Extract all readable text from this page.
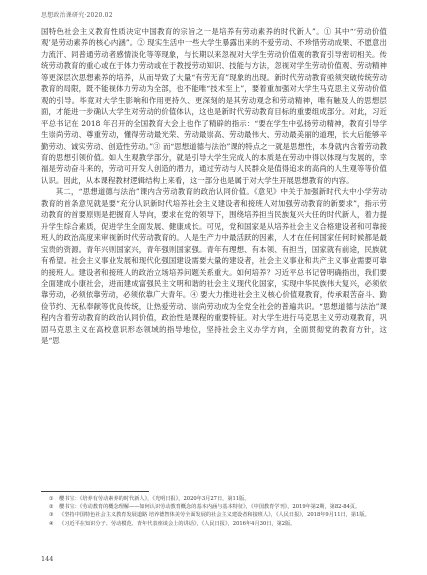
思想政治课研究·2020.02

国特色社会主义教育性质决定中国教育的宗旨之一是培养有劳动素养的时代新人”。① 其中“‘劳动价值观’是劳动素养的核心内涵”。② 现实生活中一些大学生暴露出来的不爱劳动、不珍惜劳动成果、不愿意出力流汗、同普通劳动者感情淡化等等现象，与长期以来忽视对大学生劳动价值观的教育引导密切相关。传统劳动教育的重心或在于体力劳动或在于教授劳动知识、技能与方法，忽视对学生劳动价值观、劳动精神等更深层次思想素养的培养，从而导致了大量“有劳无育”现象的出现。新时代劳动教育亟须突破传统劳动教育的局限，既不能视体力劳动为全部，也不能唯“技术至上”，要着重加强对大学生马克思主义劳动价值观的引导。毕竟对大学生影响和作用更持久、更深刻的是其劳动观念和劳动精神，唯有触及人的思想层面，才能进一步确认大学生对劳动的价值体认，这也是新时代劳动教育目标的重要组成部分。对此，习近平总书记在 2018 年召开的全国教育大会上也作了精辟的指示：“要在学生中弘扬劳动精神，教育引导学生崇尚劳动、尊重劳动，懂得劳动最光荣、劳动最崇高、劳动最伟大、劳动最美丽的道理，长大后能够辛勤劳动、诚实劳动、创造性劳动。”③ 而“思想道德与法治”课的特点之一就是思想性，本身就内含着劳动教育的思想引领价值。如人生观教学部分，就是引导大学生完成人的本质是在劳动中得以体现与发展的，幸福是劳动奋斗来的，劳动可开发人创造的潜力，通过劳动与人民群众是值得追求的高尚的人生观等等价值认识。因此，从本课程教材逻辑结构上来看，这一部分也是属于对大学生开展思想教育的内容。

其二，“思想道德与法治”课内含劳动教育的政治认同价值。《意见》中关于加强新时代大中小学劳动教育的首条意见就是要“充分认识新时代培养社会主义建设者和接班人对加强劳动教育的新要求”，指示劳动教育的首要原则是把握育人导向，要求在党的领导下，围绕培养担当民族复兴大任的时代新人，着力提升学生综合素质，促进学生全面发展、健康成长。可见，党和国家是从培养社会主义合格建设者和可靠接班人的政治高度来审视新时代劳动教育的。人是生产力中最活跃的因素，人才在任何国家任何时候都是最宝贵的资源。青年兴则国家兴，青年强则国家强。青年有理想、有本领、有担当，国家就有前途，民族就有希望。社会主义事业发展和现代化强国建设需要大量的建设者，社会主义事业和共产主义事业需要可靠的接班人。建设者和接班人的政治立场培养问题关系重大。如何培养？习近平总书记曾明确指出，我们要全面建成小康社会，进而建成富强民主文明和谐的社会主义现代化国家，实现中华民族伟大复兴，必须依靠劳动，必须依靠劳动，必须依靠广大青年。④ 要大力推进社会主义核心价值观教育，传承艰苦奋斗、勤俭节约、无私奉献等优良传统，让热爱劳动、崇尚劳动成为全党全社会的普遍共识。“思想道德与法治”课程内含着劳动教育的政治认同价值，政治性是课程的重要特征。对大学生进行马克思主义劳动观教育，巩固马克思主义在高校意识形态领域的指导地位，坚持社会主义办学方向，全面贯彻党的教育方针，这是“思

① 樱书宝：《培养有劳动素养的时代新人》，《光明日报》，2020年3月27日，第11版。

② 樱书宝：《劳动教育的概念理解——如何认识劳动教育概念的基本内涵与基本特征》，《中国教育学刊》，2019年第2期，第82-84页。

③ 《坚持中国特色社会主义教育发展道路 培养德智体美劳全面发展的社会主义建设者和接班人》，《人民日报》，2018年9月11日，第1版。

④ 《习近平在知识分子、劳动模范、青年代表座谈会上的讲话》，《人民日报》，2016年4月30日，第2版。

144
